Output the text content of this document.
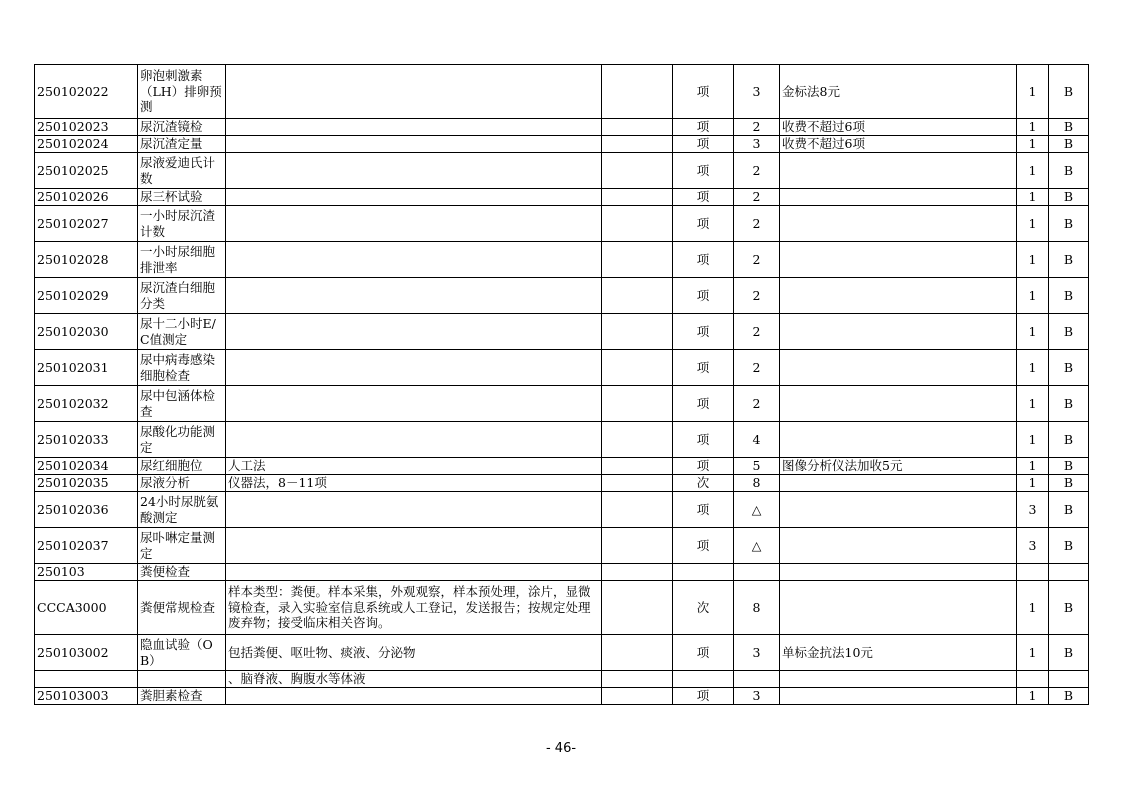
250102022	卵泡刺激素（LH）排卵预测			项	3	金标法8元	1	B
250102023	尿沉渣镜检			项	2	收费不超过6项	1	B
250102024	尿沉渣定量			项	3	收费不超过6项	1	B
250102025	尿液爱迪氏计数			项	2		1	B
250102026	尿三杯试验			项	2		1	B
250102027	一小时尿沉渣计数			项	2		1	B
250102028	一小时尿细胞排泄率			项	2		1	B
250102029	尿沉渣白细胞分类			项	2		1	B
250102030	尿十二小时E/C值测定			项	2		1	B
250102031	尿中病毒感染细胞检查			项	2		1	B
250102032	尿中包涵体检查			项	2		1	B
250102033	尿酸化功能测定			项	4		1	B
250102034	尿红细胞位	人工法		项	5	图像分析仪法加收5元	1	B
250102035	尿液分析	仪器法，8－11项		次	8		1	B
250102036	24小时尿胱氨酸测定			项	△		3	B
250102037	尿卟啉定量测定			项	△		3	B
250103	粪便检查							
CCCA3000	粪便常规检查	样本类型：粪便。样本采集，外观观察，样本预处理，涂片，显微镜检查，录入实验室信息系统或人工登记，发送报告；按规定处理废弃物；接受临床相关咨询。		次	8		1	B
250103002	隐血试验（OB）	包括粪便、呕吐物、痰液、分泌物		项	3	单标金抗法10元	1	B
		、脑脊液、胸腹水等体液						
250103003	粪胆素检查			项	3		1	B
- 46-
